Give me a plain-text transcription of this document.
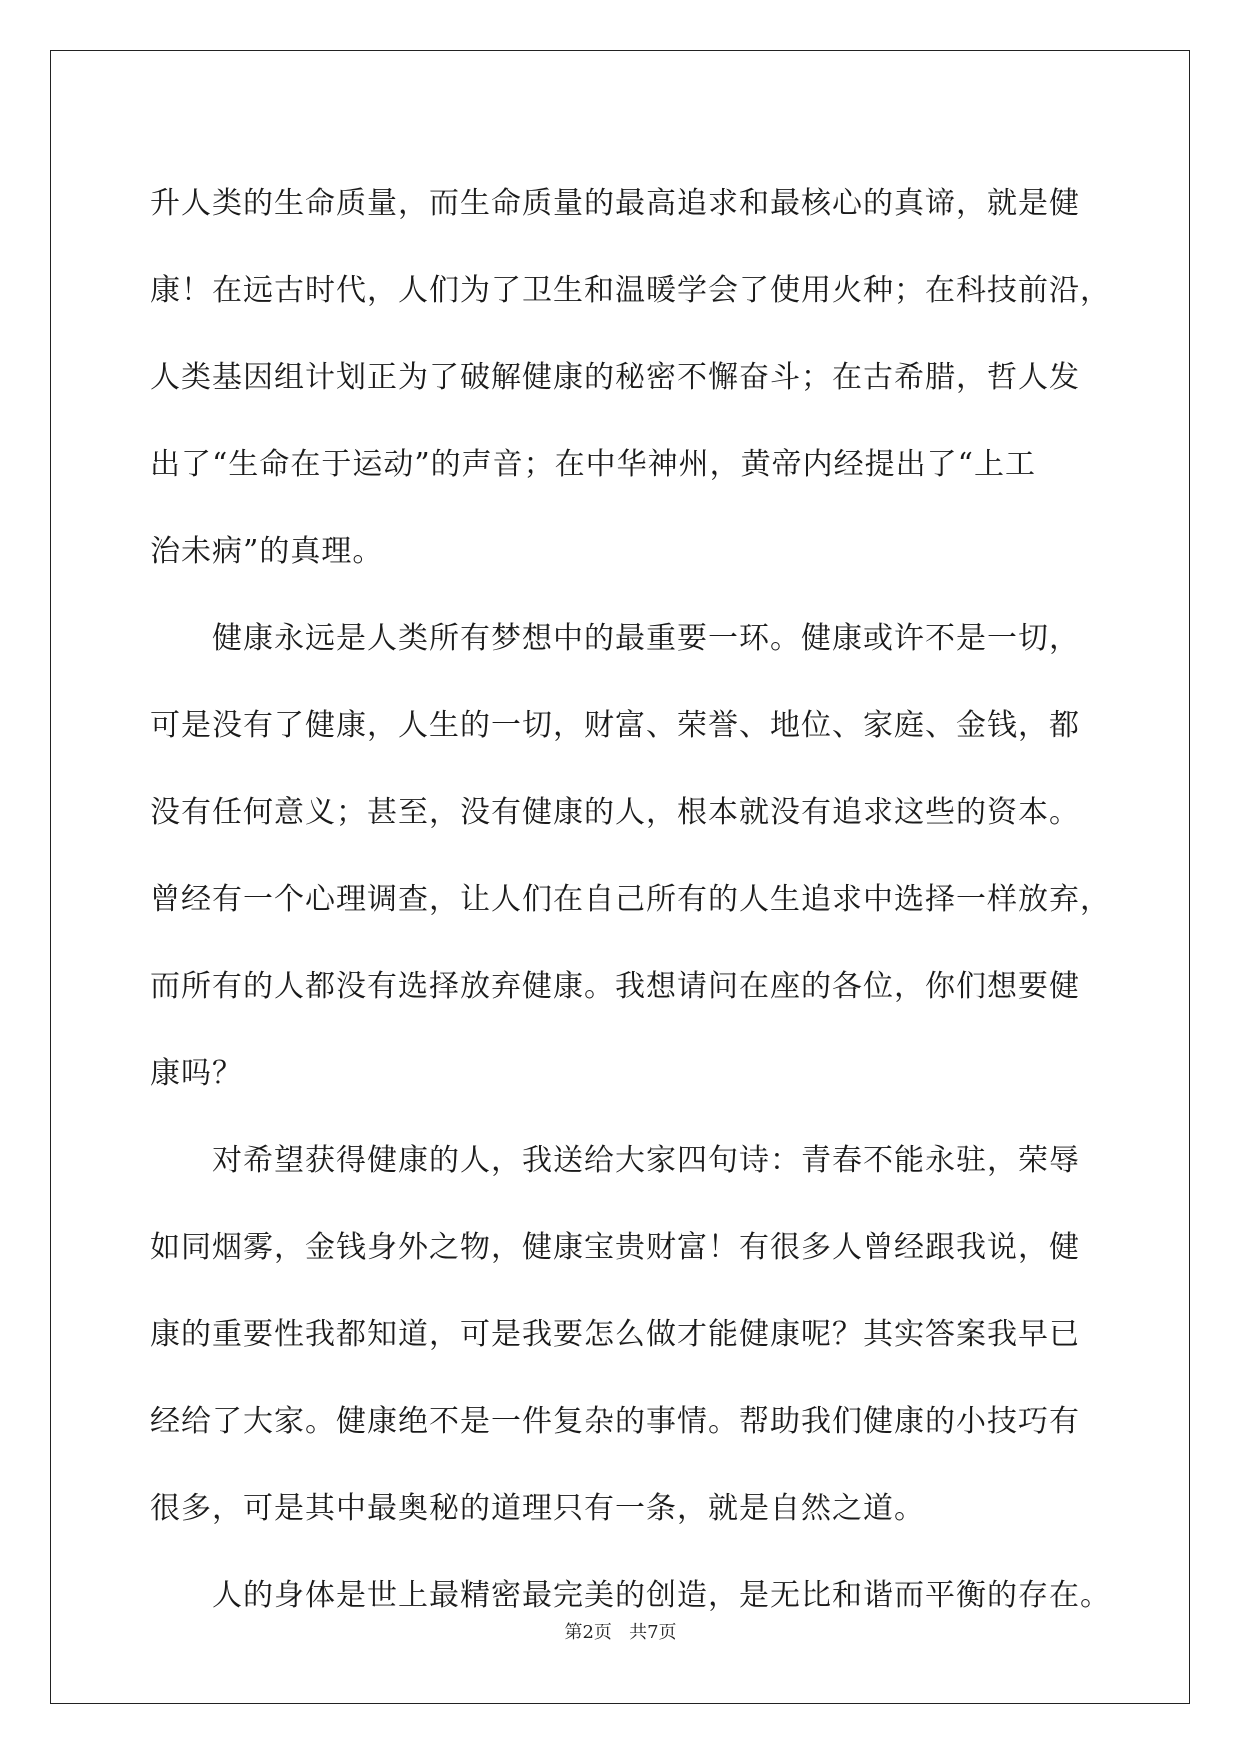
升人类的生命质量，而生命质量的最高追求和最核心的真谛，就是健
康！在远古时代，人们为了卫生和温暖学会了使用火种；在科技前沿，
人类基因组计划正为了破解健康的秘密不懈奋斗；在古希腊，哲人发
出了“生命在于运动”的声音；在中华神州，黄帝内经提出了“上工
治未病”的真理。

健康永远是人类所有梦想中的最重要一环。健康或许不是一切，
可是没有了健康，人生的一切，财富、荣誉、地位、家庭、金钱，都
没有任何意义；甚至，没有健康的人，根本就没有追求这些的资本。
曾经有一个心理调查，让人们在自己所有的人生追求中选择一样放弃，
而所有的人都没有选择放弃健康。我想请问在座的各位，你们想要健
康吗？

对希望获得健康的人，我送给大家四句诗：青春不能永驻，荣辱
如同烟雾，金钱身外之物，健康宝贵财富！有很多人曾经跟我说，健
康的重要性我都知道，可是我要怎么做才能健康呢？其实答案我早已
经给了大家。健康绝不是一件复杂的事情。帮助我们健康的小技巧有
很多，可是其中最奥秘的道理只有一条，就是自然之道。

人的身体是世上最精密最完美的创造，是无比和谐而平衡的存在。

第2页 共7页
